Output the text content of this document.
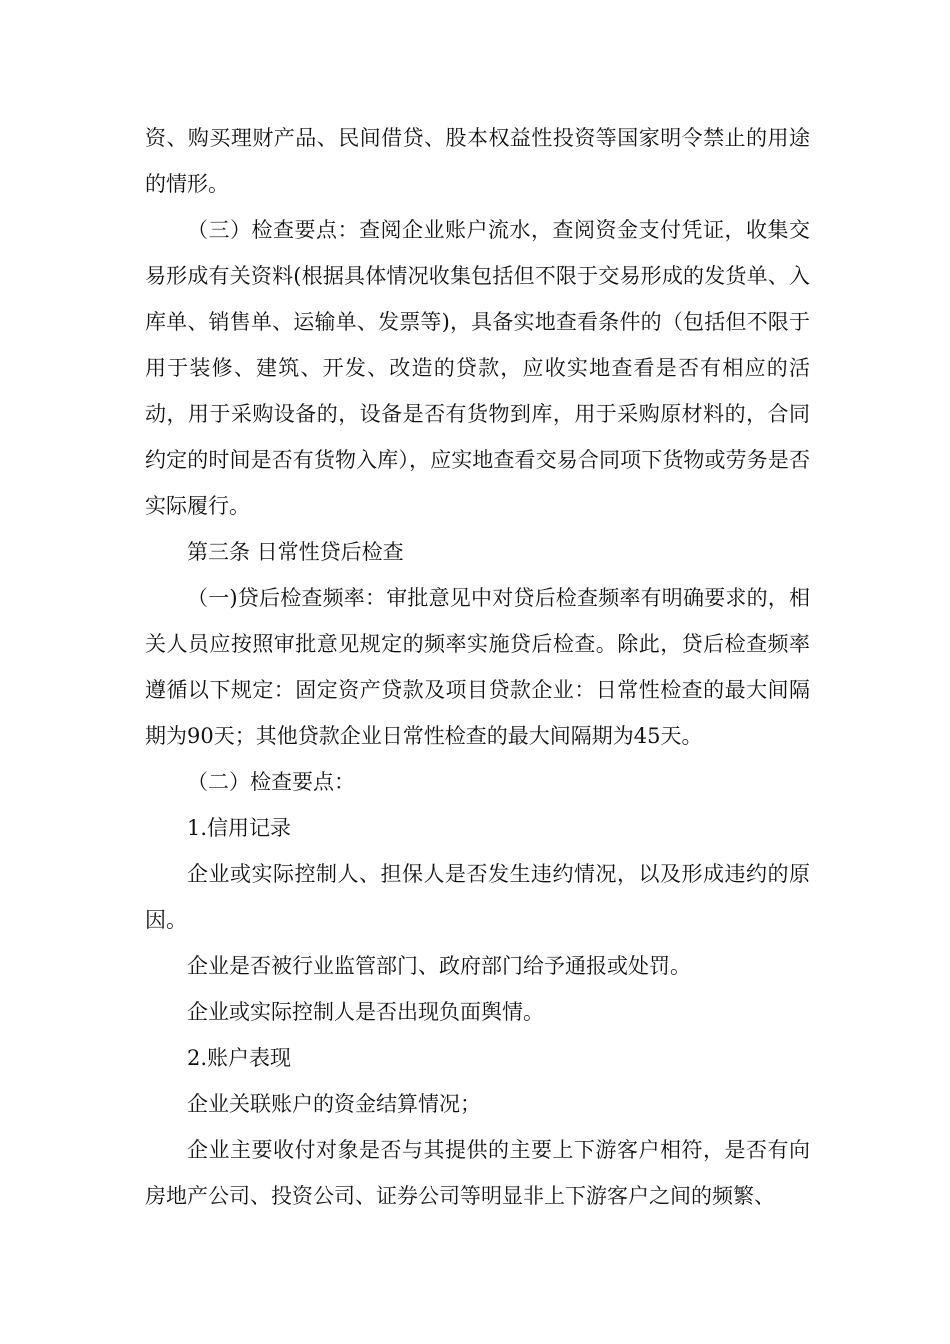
资、购买理财产品、民间借贷、股本权益性投资等国家明令禁止的用途的情形。

（三）检查要点：查阅企业账户流水，查阅资金支付凭证，收集交易形成有关资料(根据具体情况收集包括但不限于交易形成的发货单、入库单、销售单、运输单、发票等)，具备实地查看条件的（包括但不限于用于装修、建筑、开发、改造的贷款，应收实地查看是否有相应的活动，用于采购设备的，设备是否有货物到库，用于采购原材料的，合同约定的时间是否有货物入库），应实地查看交易合同项下货物或劳务是否实际履行。

第三条 日常性贷后检查

（一)贷后检查频率：审批意见中对贷后检查频率有明确要求的，相关人员应按照审批意见规定的频率实施贷后检查。除此，贷后检查频率遵循以下规定：固定资产贷款及项目贷款企业：日常性检查的最大间隔期为90天；其他贷款企业日常性检查的最大间隔期为45天。

（二）检查要点：

1.信用记录

企业或实际控制人、担保人是否发生违约情况，以及形成违约的原因。

企业是否被行业监管部门、政府部门给予通报或处罚。

企业或实际控制人是否出现负面舆情。

2.账户表现

企业关联账户的资金结算情况；

企业主要收付对象是否与其提供的主要上下游客户相符，是否有向房地产公司、投资公司、证券公司等明显非上下游客户之间的频繁、
